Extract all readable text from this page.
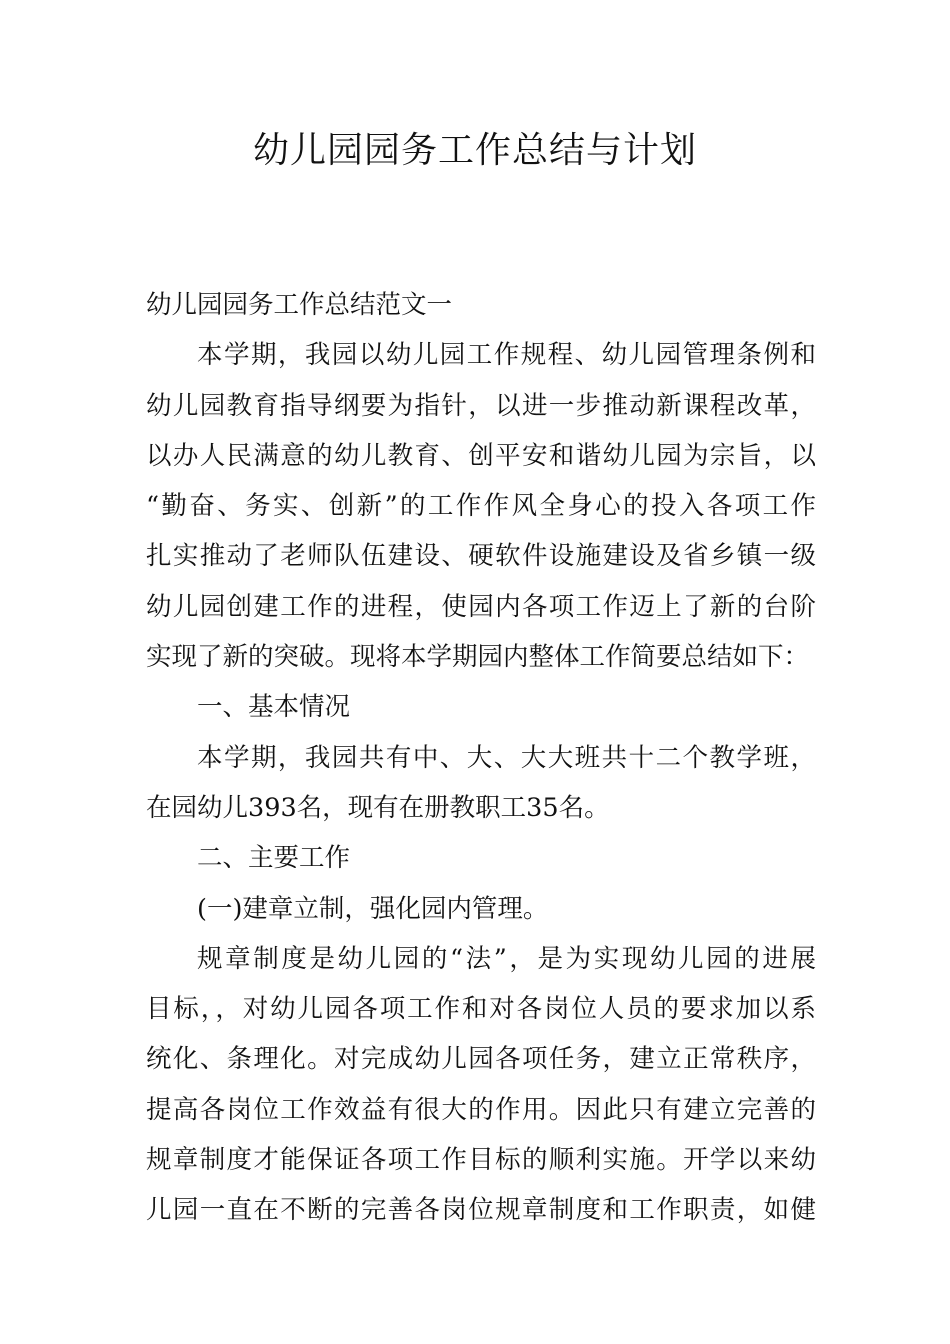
幼儿园园务工作总结与计划
幼儿园园务工作总结范文一
本学期，我园以幼儿园工作规程、幼儿园管理条例和
幼儿园教育指导纲要为指针，以进一步推动新课程改革，
以办人民满意的幼儿教育、创平安和谐幼儿园为宗旨，以
“勤奋、务实、创新”的工作作风全身心的投入各项工作
扎实推动了老师队伍建设、硬软件设施建设及省乡镇一级
幼儿园创建工作的进程，使园内各项工作迈上了新的台阶
实现了新的突破。现将本学期园内整体工作简要总结如下：
一、基本情况
本学期，我园共有中、大、大大班共十二个教学班，
在园幼儿393名，现有在册教职工35名。
二、主要工作
(一)建章立制，强化园内管理。
规章制度是幼儿园的“法”，是为实现幼儿园的进展
目标，，对幼儿园各项工作和对各岗位人员的要求加以系
统化、条理化。对完成幼儿园各项任务，建立正常秩序，
提高各岗位工作效益有很大的作用。因此只有建立完善的
规章制度才能保证各项工作目标的顺利实施。开学以来幼
儿园一直在不断的完善各岗位规章制度和工作职责，如健
